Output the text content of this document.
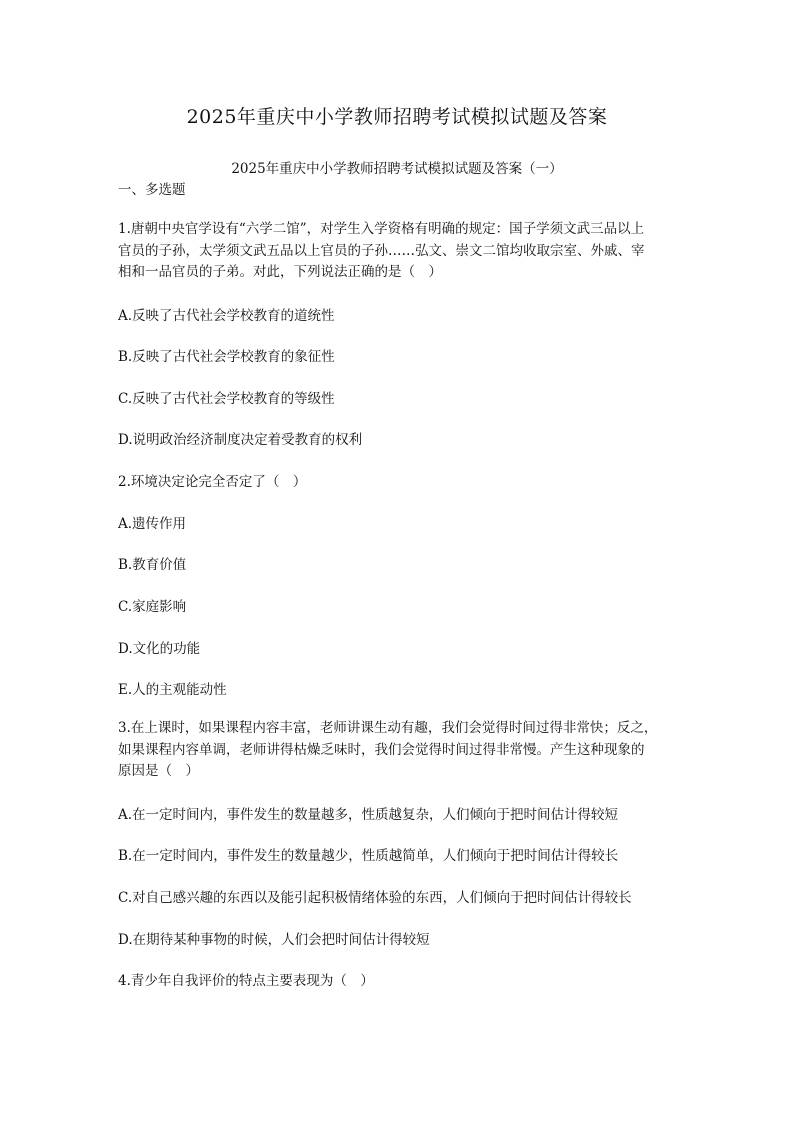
2025年重庆中小学教师招聘考试模拟试题及答案
2025年重庆中小学教师招聘考试模拟试题及答案（一）
一、多选题
1.唐朝中央官学设有“六学二馆”，对学生入学资格有明确的规定：国子学须文武三品以上
官员的子孙，太学须文武五品以上官员的子孙……弘文、崇文二馆均收取宗室、外戚、宰
相和一品官员的子弟。对此，下列说法正确的是（　）
A.反映了古代社会学校教育的道统性
B.反映了古代社会学校教育的象征性
C.反映了古代社会学校教育的等级性
D.说明政治经济制度决定着受教育的权利
2.环境决定论完全否定了（　）
A.遗传作用
B.教育价值
C.家庭影响
D.文化的功能
E.人的主观能动性
3.在上课时，如果课程内容丰富，老师讲课生动有趣，我们会觉得时间过得非常快；反之，
如果课程内容单调，老师讲得枯燥乏味时，我们会觉得时间过得非常慢。产生这种现象的
原因是（　）
A.在一定时间内，事件发生的数量越多，性质越复杂，人们倾向于把时间估计得较短
B.在一定时间内，事件发生的数量越少，性质越简单，人们倾向于把时间估计得较长
C.对自己感兴趣的东西以及能引起积极情绪体验的东西，人们倾向于把时间估计得较长
D.在期待某种事物的时候，人们会把时间估计得较短
4.青少年自我评价的特点主要表现为（　）
